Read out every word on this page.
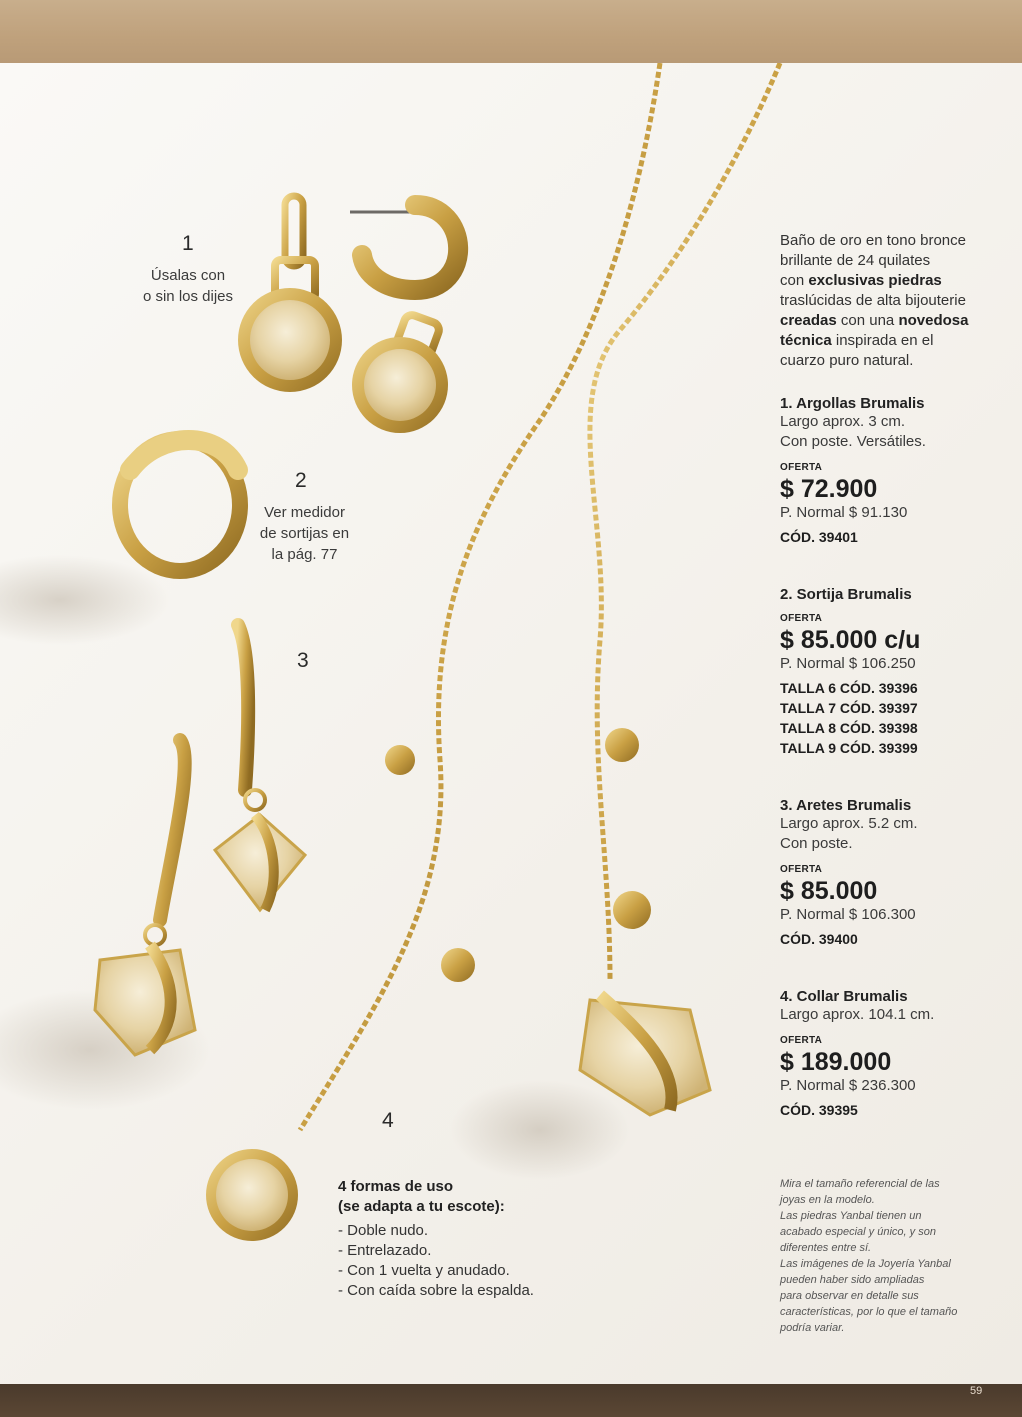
1

Úsalas con
o sin los dijes

2

Ver medidor
de sortijas en
la pág. 77

3

4

4 formas de uso
(se adapta a tu escote):
- Doble nudo.
- Entrelazado.
- Con 1 vuelta y anudado.
- Con caída sobre la espalda.
Baño de oro en tono bronce
brillante de 24 quilates
con exclusivas piedras
traslúcidas de alta bijouterie
creadas con una novedosa
técnica inspirada en el
cuarzo puro natural.
1. Argollas Brumalis
Largo aprox. 3 cm.
Con poste. Versátiles.
OFERTA
$ 72.900
P. Normal $ 91.130
CÓD. 39401
2. Sortija Brumalis
OFERTA
$ 85.000 c/u
P. Normal $ 106.250
TALLA 6 CÓD. 39396
TALLA 7 CÓD. 39397
TALLA 8 CÓD. 39398
TALLA 9 CÓD. 39399
3. Aretes Brumalis
Largo aprox. 5.2 cm.
Con poste.
OFERTA
$ 85.000
P. Normal $ 106.300
CÓD. 39400
4. Collar Brumalis
Largo aprox. 104.1 cm.
OFERTA
$ 189.000
P. Normal $ 236.300
CÓD. 39395
Mira el tamaño referencial de las
joyas en la modelo.
Las piedras Yanbal tienen un
acabado especial y único, y son
diferentes entre sí.
Las imágenes de la Joyería Yanbal
pueden haber sido ampliadas
para observar en detalle sus
características, por lo que el tamaño
podría variar.

59
